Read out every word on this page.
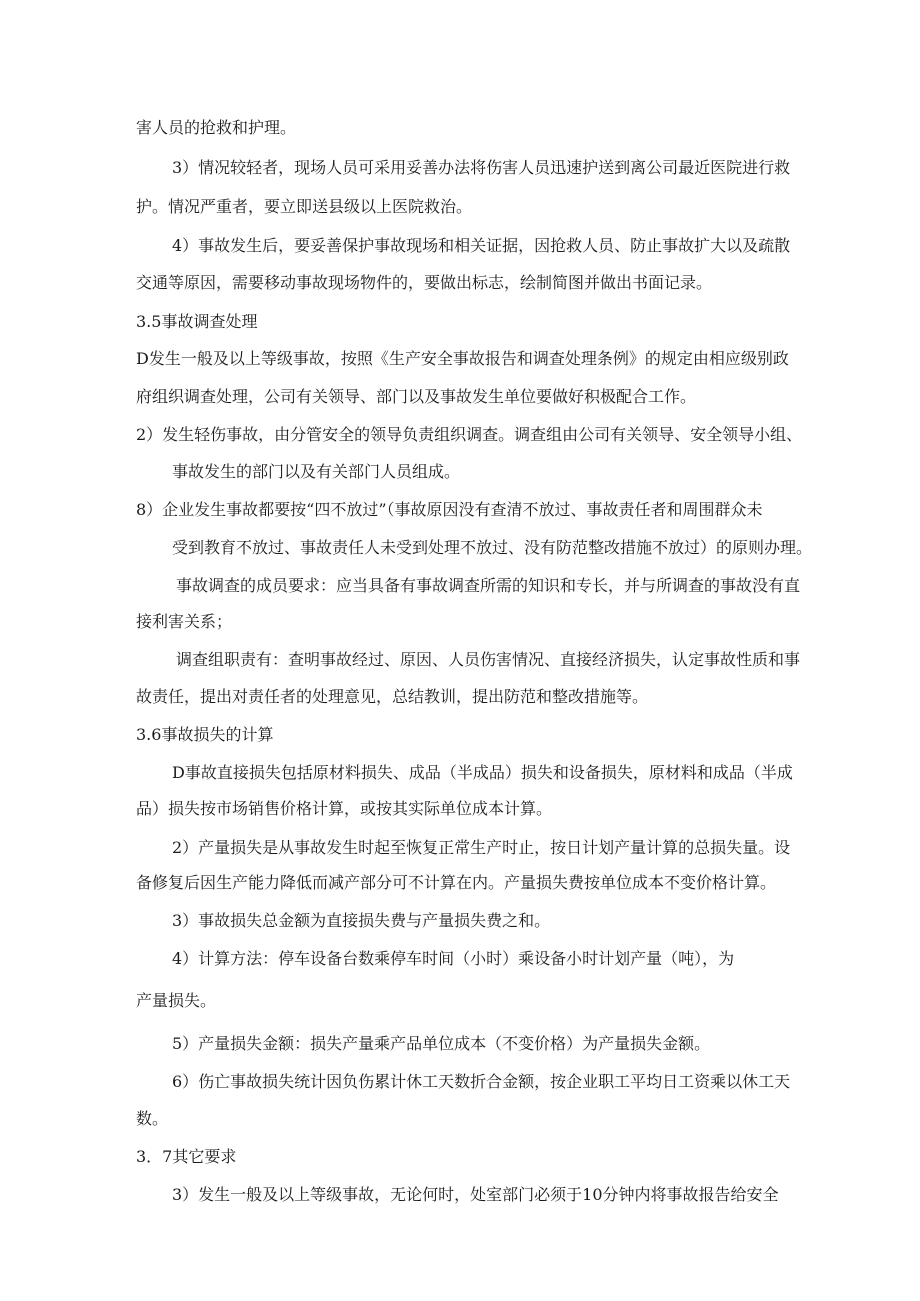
害人员的抢救和护理。
3）情况较轻者，现场人员可采用妥善办法将伤害人员迅速护送到离公司最近医院进行救
护。情况严重者，要立即送县级以上医院救治。
4）事故发生后，要妥善保护事故现场和相关证据，因抢救人员、防止事故扩大以及疏散
交通等原因，需要移动事故现场物件的，要做出标志，绘制简图并做出书面记录。
3.5事故调查处理
D发生一般及以上等级事故，按照《生产安全事故报告和调查处理条例》的规定由相应级别政
府组织调查处理，公司有关领导、部门以及事故发生单位要做好积极配合工作。
2）发生轻伤事故，由分管安全的领导负责组织调查。调查组由公司有关领导、安全领导小组、
事故发生的部门以及有关部门人员组成。
8）企业发生事故都要按“四不放过”（事故原因没有查清不放过、事故责任者和周围群众未
受到教育不放过、事故责任人未受到处理不放过、没有防范整改措施不放过）的原则办理。
事故调查的成员要求：应当具备有事故调查所需的知识和专长，并与所调查的事故没有直
接利害关系；
调查组职责有：查明事故经过、原因、人员伤害情况、直接经济损失，认定事故性质和事
故责任，提出对责任者的处理意见，总结教训，提出防范和整改措施等。
3.6事故损失的计算
D事故直接损失包括原材料损失、成品（半成品）损失和设备损失，原材料和成品（半成
品）损失按市场销售价格计算，或按其实际单位成本计算。
2）产量损失是从事故发生时起至恢复正常生产时止，按日计划产量计算的总损失量。设
备修复后因生产能力降低而减产部分可不计算在内。产量损失费按单位成本不变价格计算。
3）事故损失总金额为直接损失费与产量损失费之和。
4）计算方法：停车设备台数乘停车时间（小时）乘设备小时计划产量（吨），为
产量损失。
5）产量损失金额：损失产量乘产品单位成本（不变价格）为产量损失金额。
6）伤亡事故损失统计因负伤累计休工天数折合金额，按企业职工平均日工资乘以休工天
数。
3．7其它要求
3）发生一般及以上等级事故，无论何时，处室部门必须于10分钟内将事故报告给安全
